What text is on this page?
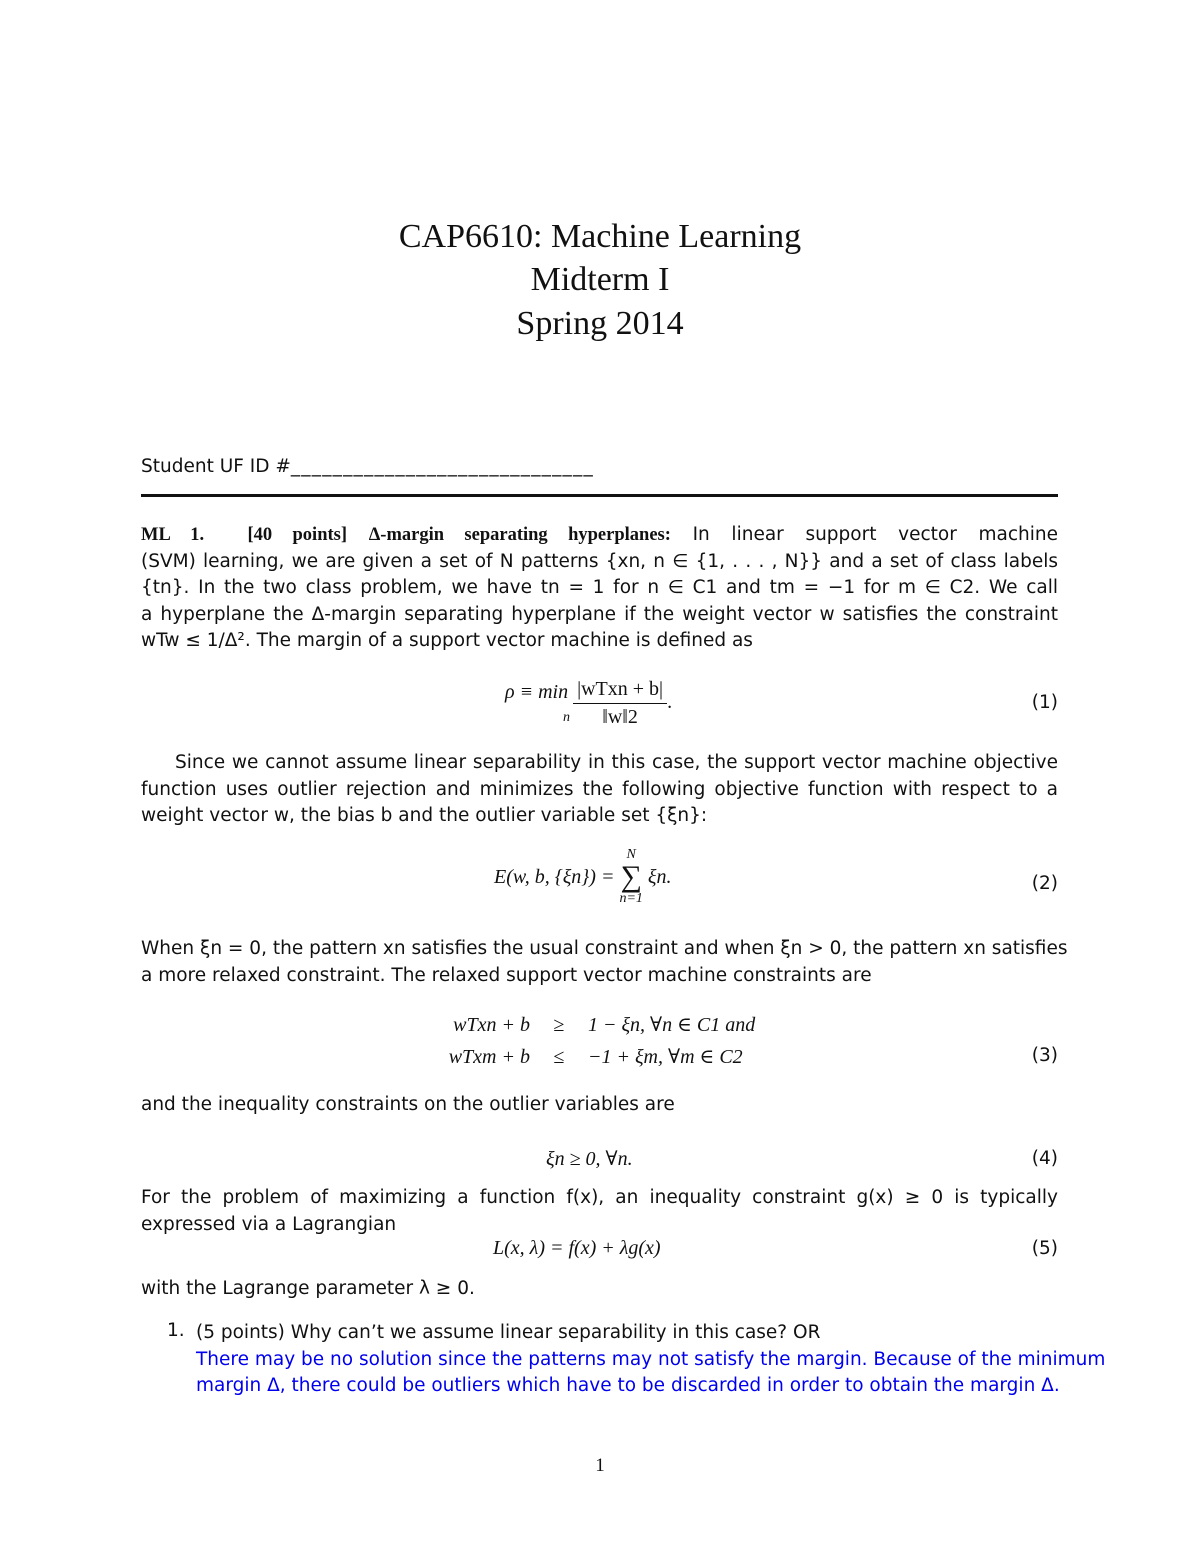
CAP6610: Machine Learning
Midterm I
Spring 2014
Student UF ID #_____________________________
ML 1. [40 points] Δ-margin separating hyperplanes: In linear support vector machine
(SVM) learning, we are given a set of N patterns {xn, n ∈ {1, . . . , N}} and a set of class labels
{tn}. In the two class problem, we have tn = 1 for n ∈ C1 and tm = −1 for m ∈ C2. We call
a hyperplane the Δ-margin separating hyperplane if the weight vector w satisfies the constraint
wTw ≤ 1/Δ². The margin of a support vector machine is defined as
ρ ≡ min
n $\frac{\text{|wTxn + b|}}{‖w‖2}$ .	(1)
Since we cannot assume linear separability in this case, the support vector machine objective
function uses outlier rejection and minimizes the following objective function with respect to a
weight vector w, the bias b and the outlier variable set {ξn}:
E(w, b, {ξn}) =
N
∑
n=1
ξn.	(2)
When ξn = 0, the pattern xn satisfies the usual constraint and when ξn > 0, the pattern xn satisfies
a more relaxed constraint. The relaxed support vector machine constraints are
wTxn + b ≥ 1 − ξn, ∀n ∈ C1 and
wTxm + b ≤ −1 + ξm, ∀m ∈ C2	(3)
and the inequality constraints on the outlier variables are
ξn ≥ 0, ∀n.	(4)
For the problem of maximizing a function f(x), an inequality constraint g(x) ≥ 0 is typically
expressed via a Lagrangian
L(x, λ) = f(x) + λg(x)	(5)
with the Lagrange parameter λ ≥ 0.
1. (5 points) Why can’t we assume linear separability in this case? OR
There may be no solution since the patterns may not satisfy the margin. Because of the minimum
margin Δ, there could be outliers which have to be discarded in order to obtain the margin Δ.
1
